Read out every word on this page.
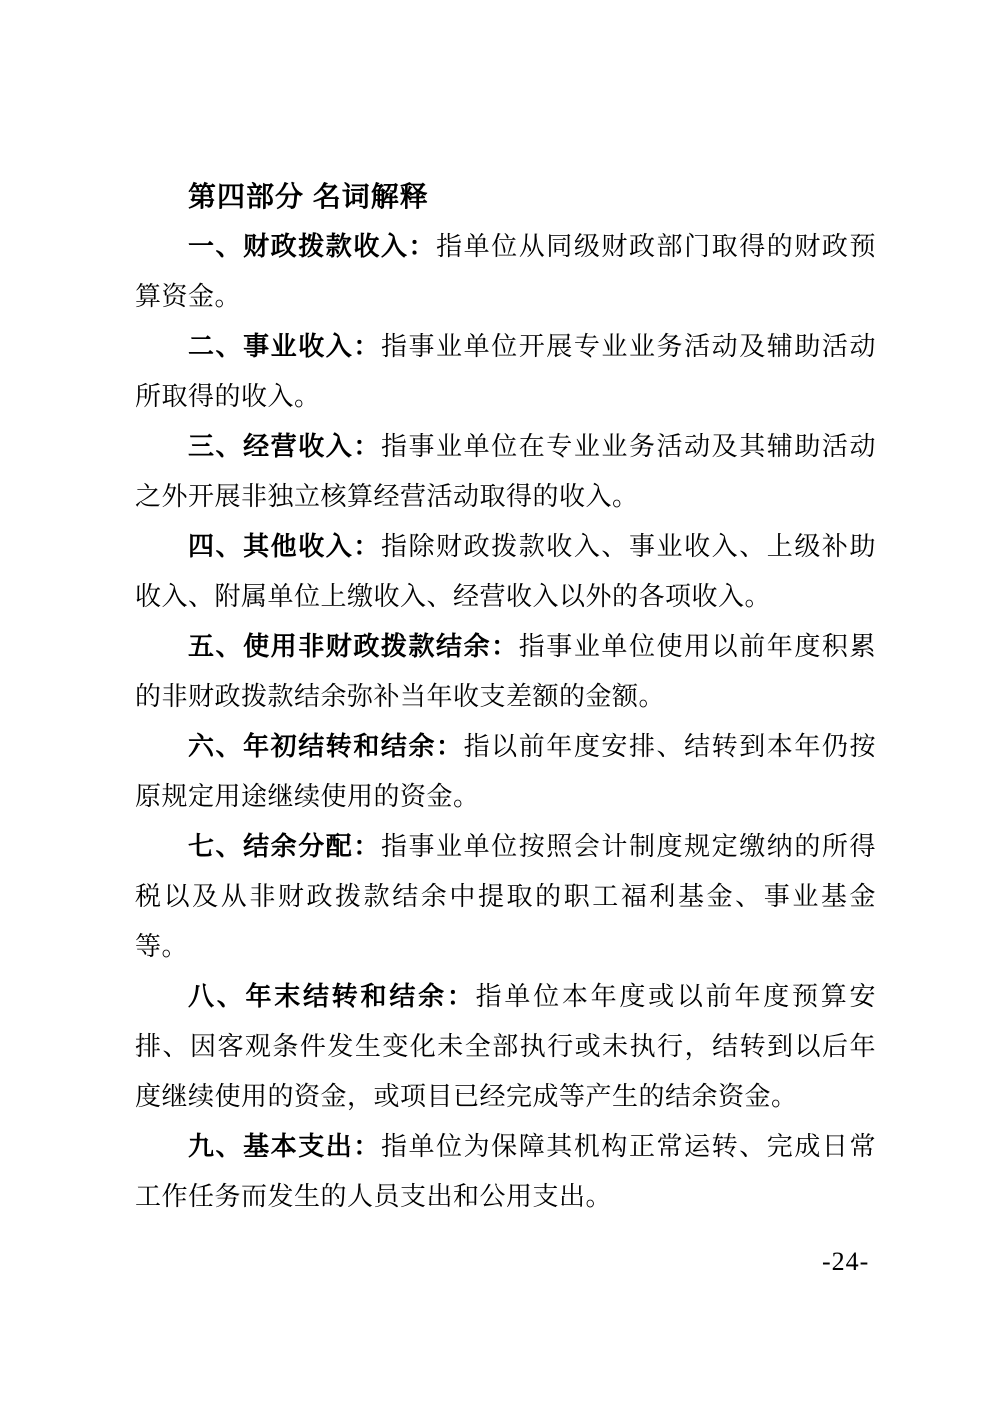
第四部分 名词解释

一、财政拨款收入：指单位从同级财政部门取得的财政预算资金。

二、事业收入：指事业单位开展专业业务活动及辅助活动所取得的收入。

三、经营收入：指事业单位在专业业务活动及其辅助活动之外开展非独立核算经营活动取得的收入。

四、其他收入：指除财政拨款收入、事业收入、上级补助收入、附属单位上缴收入、经营收入以外的各项收入。

五、使用非财政拨款结余：指事业单位使用以前年度积累的非财政拨款结余弥补当年收支差额的金额。

六、年初结转和结余：指以前年度安排、结转到本年仍按原规定用途继续使用的资金。

七、结余分配：指事业单位按照会计制度规定缴纳的所得税以及从非财政拨款结余中提取的职工福利基金、事业基金等。

八、年末结转和结余：指单位本年度或以前年度预算安排、因客观条件发生变化未全部执行或未执行，结转到以后年度继续使用的资金，或项目已经完成等产生的结余资金。

九、基本支出：指单位为保障其机构正常运转、完成日常工作任务而发生的人员支出和公用支出。

-24-
